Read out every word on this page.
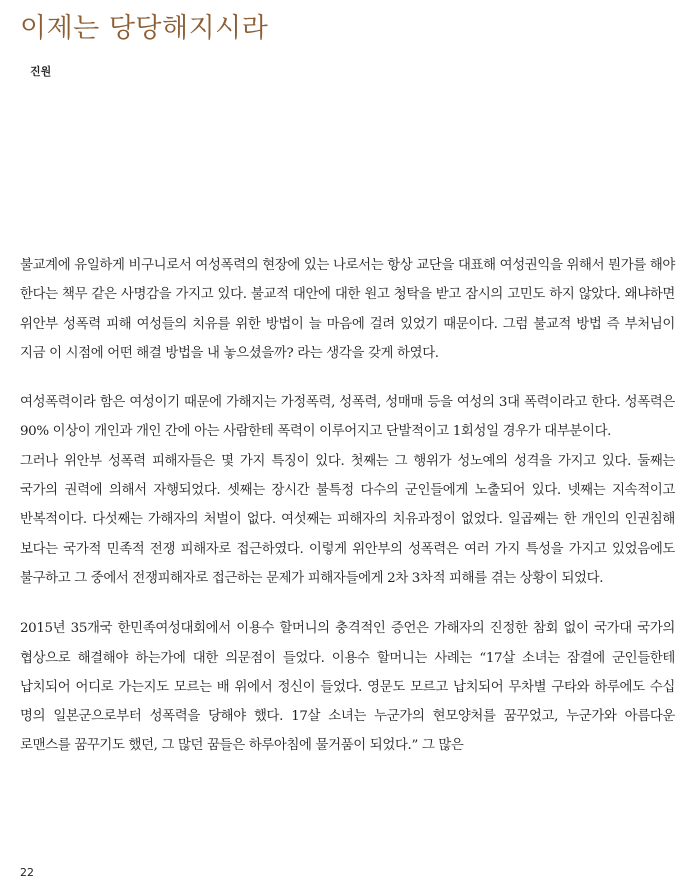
이제는 당당해지시라
진원

불교계에 유일하게 비구니로서 여성폭력의 현장에 있는 나로서는 항상 교단을 대표해 여성권익을 위해서 뭔가를 해야 한다는 책무 같은 사명감을 가지고 있다. 불교적 대안에 대한 원고 청탁을 받고 잠시의 고민도 하지 않았다. 왜냐하면 위안부 성폭력 피해 여성들의 치유를 위한 방법이 늘 마음에 걸려 있었기 때문이다. 그럼 불교적 방법 즉 부처님이 지금 이 시점에 어떤 해결 방법을 내 놓으셨을까? 라는 생각을 갖게 하였다.

여성폭력이라 함은 여성이기 때문에 가해지는 가정폭력, 성폭력, 성매매 등을 여성의 3대 폭력이라고 한다. 성폭력은 90% 이상이 개인과 개인 간에 아는 사람한테 폭력이 이루어지고 단발적이고 1회성일 경우가 대부분이다.

그러나 위안부 성폭력 피해자들은 몇 가지 특징이 있다. 첫째는 그 행위가 성노예의 성격을 가지고 있다. 둘째는 국가의 권력에 의해서 자행되었다. 셋째는 장시간 불특정 다수의 군인들에게 노출되어 있다. 넷째는 지속적이고 반복적이다. 다섯째는 가해자의 처벌이 없다. 여섯째는 피해자의 치유과정이 없었다. 일곱째는 한 개인의 인권침해 보다는 국가적 민족적 전쟁 피해자로 접근하였다. 이렇게 위안부의 성폭력은 여러 가지 특성을 가지고 있었음에도 불구하고 그 중에서 전쟁피해자로 접근하는 문제가 피해자들에게 2차 3차적 피해를 겪는 상황이 되었다.

2015년 35개국 한민족여성대회에서 이용수 할머니의 충격적인 증언은 가해자의 진정한 참회 없이 국가대 국가의 협상으로 해결해야 하는가에 대한 의문점이 들었다. 이용수 할머니는 사례는 “17살 소녀는 잠결에 군인들한테 납치되어 어디로 가는지도 모르는 배 위에서 정신이 들었다. 영문도 모르고 납치되어 무차별 구타와 하루에도 수십 명의 일본군으로부터 성폭력을 당해야 했다. 17살 소녀는 누군가의 현모양처를 꿈꾸었고, 누군가와 아름다운 로맨스를 꿈꾸기도 했던, 그 많던 꿈들은 하루아침에 물거품이 되었다.” 그 많은

22
